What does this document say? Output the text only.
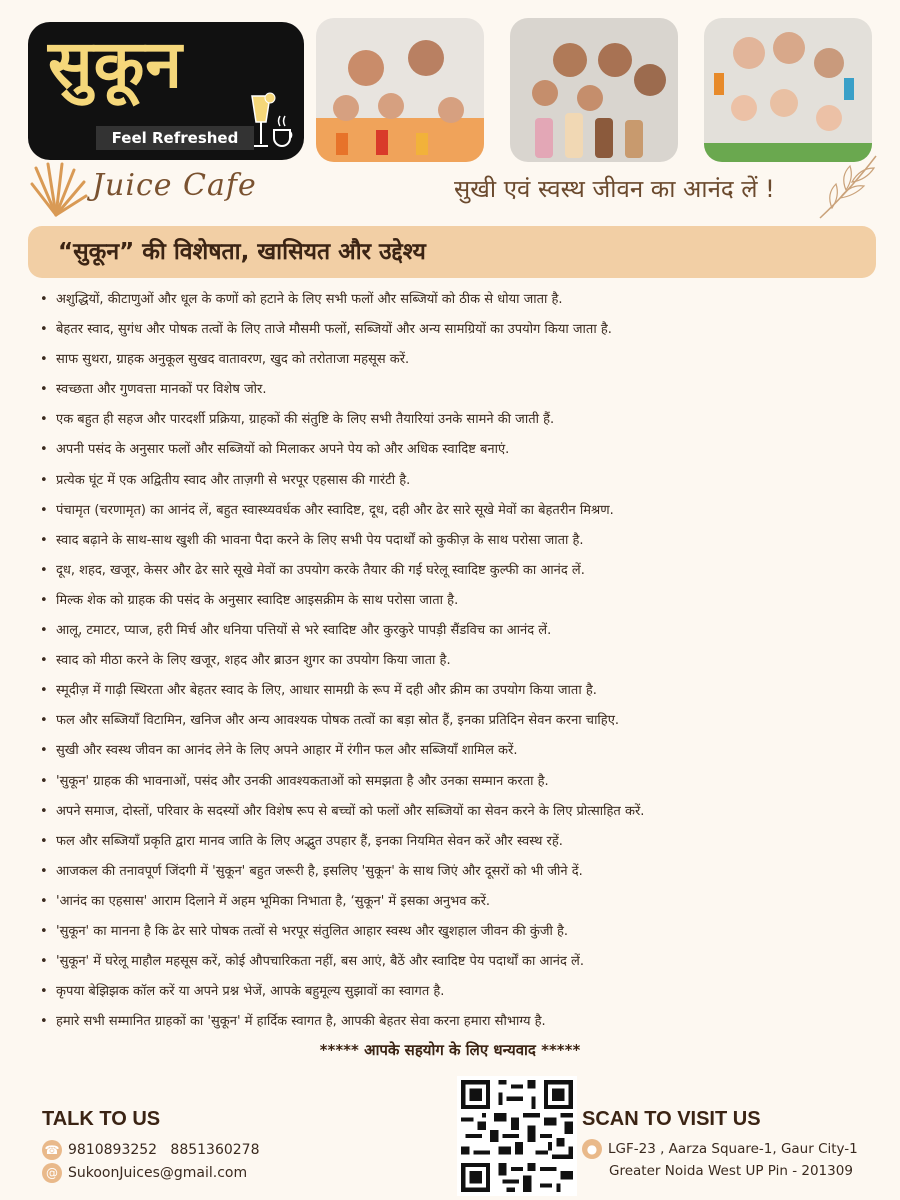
सुकून
Feel Refreshed
Juice Cafe	सुखी एवं स्वस्थ जीवन का आनंद लें !
“सुकून” की विशेषता, खासियत और उद्देश्य
• अशुद्धियों, कीटाणुओं और धूल के कणों को हटाने के लिए सभी फलों और सब्जियों को ठीक से धोया जाता है.
• बेहतर स्वाद, सुगंध और पोषक तत्वों के लिए ताजे मौसमी फलों, सब्जियों और अन्य सामग्रियों का उपयोग किया जाता है.
• साफ सुथरा, ग्राहक अनुकूल सुखद वातावरण, खुद को तरोताजा महसूस करें.
• स्वच्छता और गुणवत्ता मानकों पर विशेष जोर.
• एक बहुत ही सहज और पारदर्शी प्रक्रिया, ग्राहकों की संतुष्टि के लिए सभी तैयारियां उनके सामने की जाती हैं.
• अपनी पसंद के अनुसार फलों और सब्जियों को मिलाकर अपने पेय को और अधिक स्वादिष्ट बनाएं.
• प्रत्येक घूंट में एक अद्वितीय स्वाद और ताज़गी से भरपूर एहसास की गारंटी है.
• पंचामृत (चरणामृत) का आनंद लें, बहुत स्वास्थ्यवर्धक और स्वादिष्ट, दूध, दही और ढेर सारे सूखे मेवों का बेहतरीन मिश्रण.
• स्वाद बढ़ाने के साथ-साथ खुशी की भावना पैदा करने के लिए सभी पेय पदार्थों को कुकीज़ के साथ परोसा जाता है.
• दूध, शहद, खजूर, केसर और ढेर सारे सूखे मेवों का उपयोग करके तैयार की गई घरेलू स्वादिष्ट कुल्फी का आनंद लें.
• मिल्क शेक को ग्राहक की पसंद के अनुसार स्वादिष्ट आइसक्रीम के साथ परोसा जाता है.
• आलू, टमाटर, प्याज, हरी मिर्च और धनिया पत्तियों से भरे स्वादिष्ट और कुरकुरे पापड़ी सैंडविच का आनंद लें.
• स्वाद को मीठा करने के लिए खजूर, शहद और ब्राउन शुगर का उपयोग किया जाता है.
• स्मूदीज़ में गाढ़ी स्थिरता और बेहतर स्वाद के लिए, आधार सामग्री के रूप में दही और क्रीम का उपयोग किया जाता है.
• फल और सब्जियाँ विटामिन, खनिज और अन्य आवश्यक पोषक तत्वों का बड़ा स्रोत हैं, इनका प्रतिदिन सेवन करना चाहिए.
• सुखी और स्वस्थ जीवन का आनंद लेने के लिए अपने आहार में रंगीन फल और सब्जियाँ शामिल करें.
• 'सुकून' ग्राहक की भावनाओं, पसंद और उनकी आवश्यकताओं को समझता है और उनका सम्मान करता है.
• अपने समाज, दोस्तों, परिवार के सदस्यों और विशेष रूप से बच्चों को फलों और सब्जियों का सेवन करने के लिए प्रोत्साहित करें.
• फल और सब्जियाँ प्रकृति द्वारा मानव जाति के लिए अद्भुत उपहार हैं, इनका नियमित सेवन करें और स्वस्थ रहें.
• आजकल की तनावपूर्ण जिंदगी में 'सुकून' बहुत जरूरी है, इसलिए 'सुकून' के साथ जिएं और दूसरों को भी जीने दें.
• 'आनंद का एहसास' आराम दिलाने में अहम भूमिका निभाता है, ‘सुकून' में इसका अनुभव करें.
• 'सुकून' का मानना है कि ढेर सारे पोषक तत्वों से भरपूर संतुलित आहार स्वस्थ और खुशहाल जीवन की कुंजी है.
• 'सुकून' में घरेलू माहौल महसूस करें, कोई औपचारिकता नहीं, बस आएं, बैठें और स्वादिष्ट पेय पदार्थों का आनंद लें.
• कृपया बेझिझक कॉल करें या अपने प्रश्न भेजें, आपके बहुमूल्य सुझावों का स्वागत है.
• हमारे सभी सम्मानित ग्राहकों का 'सुकून' में हार्दिक स्वागत है, आपकी बेहतर सेवा करना हमारा सौभाग्य है.
***** आपके सहयोग के लिए धन्यवाद *****
TALK TO US
☎ 9810893252   8851360278
@ SukoonJuices@gmail.com
SCAN TO VISIT US
● LGF-23 , Aarza Square-1, Gaur City-1
Greater Noida West UP Pin - 201309
